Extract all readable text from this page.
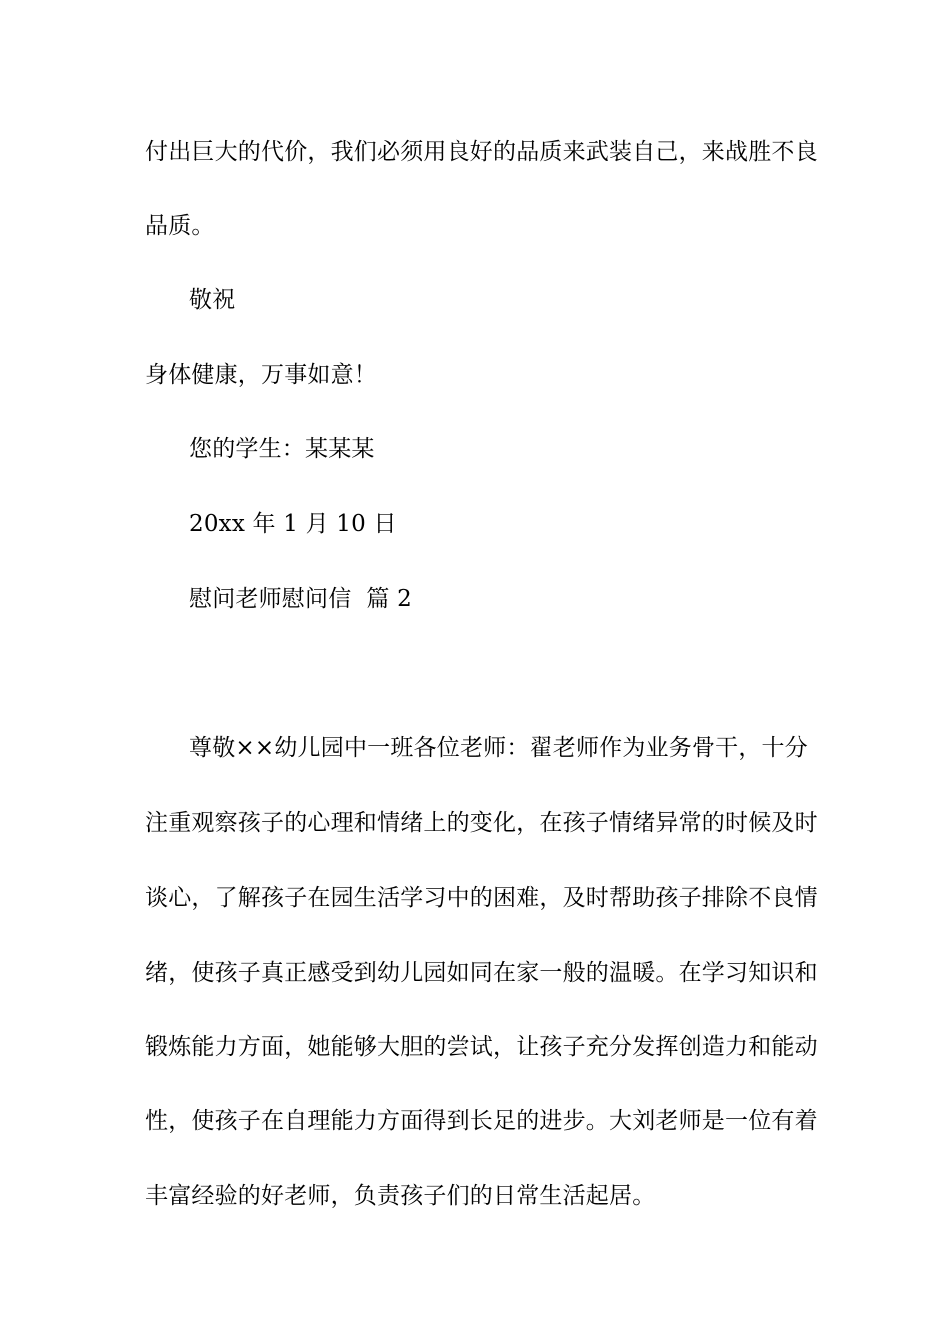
付出巨大的代价，我们必须用良好的品质来武装自己，来战胜不良
品质。
敬祝
身体健康，万事如意！
您的学生：某某某
20xx 年 1 月 10 日
慰问老师慰问信  篇 2
尊敬××幼儿园中一班各位老师：翟老师作为业务骨干，十分
注重观察孩子的心理和情绪上的变化，在孩子情绪异常的时候及时
谈心，了解孩子在园生活学习中的困难，及时帮助孩子排除不良情
绪，使孩子真正感受到幼儿园如同在家一般的温暖。在学习知识和
锻炼能力方面，她能够大胆的尝试，让孩子充分发挥创造力和能动
性，使孩子在自理能力方面得到长足的进步。大刘老师是一位有着
丰富经验的好老师，负责孩子们的日常生活起居。
